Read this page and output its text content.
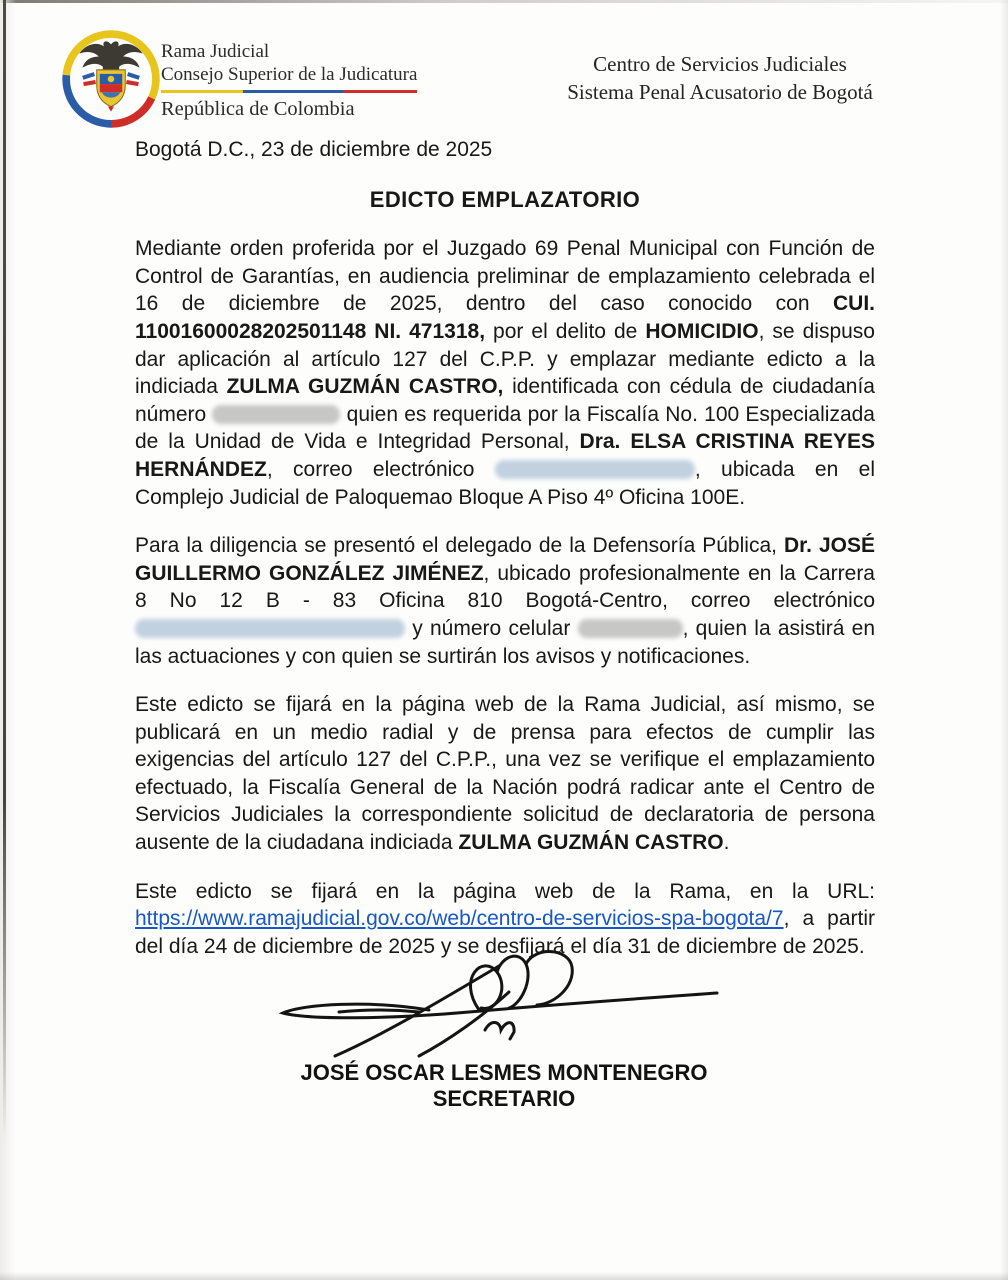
Rama Judicial
Consejo Superior de la Judicatura
República de Colombia
Centro de Servicios Judiciales
Sistema Penal Acusatorio de Bogotá
Bogotá D.C., 23 de diciembre de 2025
EDICTO EMPLAZATORIO

Mediante orden proferida por el Juzgado 69 Penal Municipal con Función de Control de Garantías, en audiencia preliminar de emplazamiento celebrada el 16 de diciembre de 2025, dentro del caso conocido con CUI. 11001600028202501148 NI. 471318, por el delito de HOMICIDIO, se dispuso dar aplicación al artículo 127 del C.P.P. y emplazar mediante edicto a la indiciada ZULMA GUZMÁN CASTRO, identificada con cédula de ciudadanía número	quien es requerida por la Fiscalía No. 100 Especializada de la Unidad de Vida e Integridad Personal, Dra. ELSA CRISTINA REYES HERNÁNDEZ, correo electrónico	, ubicada en el Complejo Judicial de Paloquemao Bloque A Piso 4º Oficina 100E.

Para la diligencia se presentó el delegado de la Defensoría Pública, Dr. JOSÉ GUILLERMO GONZÁLEZ JIMÉNEZ, ubicado profesionalmente en la Carrera 8 No 12 B - 83 Oficina 810 Bogotá-Centro, correo electrónico  y número celular	, quien la asistirá en las actuaciones y con quien se surtirán los avisos y notificaciones.

Este edicto se fijará en la página web de la Rama Judicial, así mismo, se publicará en un medio radial y de prensa para efectos de cumplir las exigencias del artículo 127 del C.P.P., una vez se verifique el emplazamiento efectuado, la Fiscalía General de la Nación podrá radicar ante el Centro de Servicios Judiciales la correspondiente solicitud de declaratoria de persona ausente de la ciudadana indiciada ZULMA GUZMÁN CASTRO.

Este edicto se fijará en la página web de la Rama, en la URL: https://www.ramajudicial.gov.co/web/centro-de-servicios-spa-bogota/7, a partir del día 24 de diciembre de 2025 y se desfijará el día 31 de diciembre de 2025.

JOSÉ OSCAR LESMES MONTENEGRO
SECRETARIO
